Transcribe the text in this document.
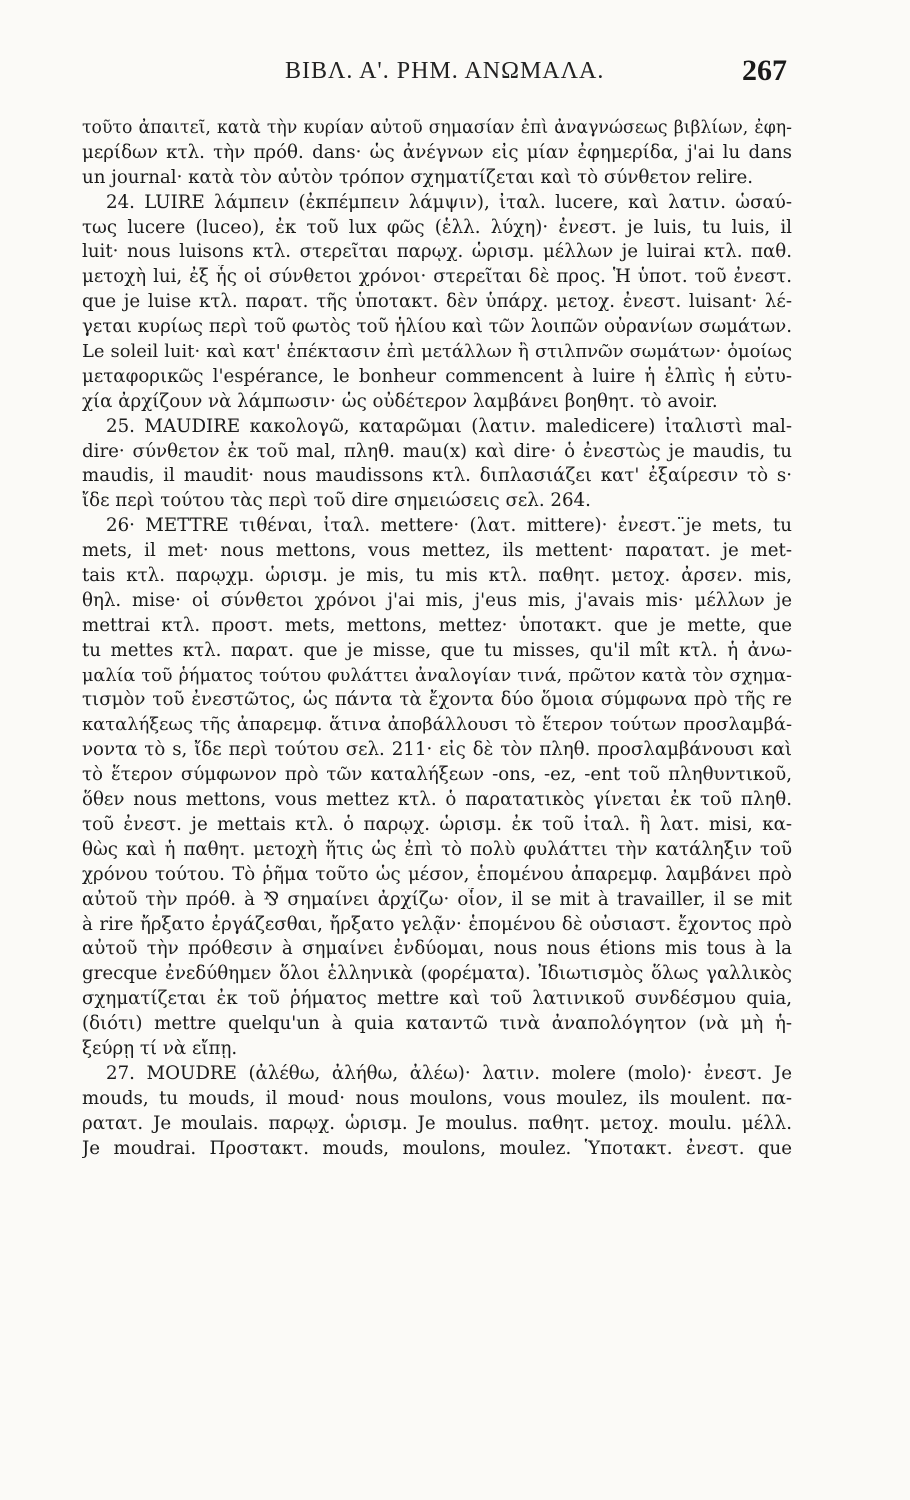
ΒΙΒΛ. Α'. ΡΗΜ. ΑΝΩΜΑΛΑ.	267
τοῦτο ἀπαιτεῖ, κατὰ τὴν κυρίαν αὐτοῦ σημασίαν ἐπὶ ἀναγνώσεως βιβλίων, ἐφη-
μερίδων κτλ. τὴν πρόθ. dans· ὡς ἀνέγνων εἰς μίαν ἐφημερίδα, j'ai lu dans
un journal· κατὰ τὸν αὐτὸν τρόπον σχηματίζεται καὶ τὸ σύνθετον relire.
24. LUIRE λάμπειν (ἐκπέμπειν λάμψιν), ἰταλ. lucere, καὶ λατιν. ὡσαύ-
τως lucere (luceo), ἐκ τοῦ lux φῶς (ἑλλ. λύχη)· ἐνεστ. je luis, tu luis, il
luit· nous luisons κτλ. στερεῖται παρῳχ. ὡρισμ. μέλλων je luirai κτλ. παθ.
μετοχὴ lui, ἐξ ἧς οἱ σύνθετοι χρόνοι· στερεῖται δὲ προς. Ἡ ὑποτ. τοῦ ἐνεστ.
que je luise κτλ. παρατ. τῆς ὑποτακτ. δὲν ὑπάρχ. μετοχ. ἐνεστ. luisant· λέ-
γεται κυρίως περὶ τοῦ φωτὸς τοῦ ἡλίου καὶ τῶν λοιπῶν οὐρανίων σωμάτων.
Le soleil luit· καὶ κατ' ἐπέκτασιν ἐπὶ μετάλλων ἢ στιλπνῶν σωμάτων· ὁμοίως
μεταφορικῶς l'espérance, le bonheur commencent à luire ἡ ἐλπὶς ἡ εὐτυ-
χία ἀρχίζουν νὰ λάμπωσιν· ὡς οὐδέτερον λαμβάνει βοηθητ. τὸ avoir.
25. MAUDIRE κακολογῶ, καταρῶμαι (λατιν. maledicere) ἰταλιστὶ mal-
dire· σύνθετον ἐκ τοῦ mal, πληθ. mau(x) καὶ dire· ὁ ἐνεστὼς je maudis, tu
maudis, il maudit· nous maudissons κτλ. διπλασιάζει κατ' ἐξαίρεσιν τὸ s·
ἴδε περὶ τούτου τὰς περὶ τοῦ dire σημειώσεις σελ. 264.
26· METTRE τιθέναι, ἰταλ. mettere· (λατ. mittere)· ἐνεστ.¨je mets, tu
mets, il met· nous mettons, vous mettez, ils mettent· παρατατ. je met-
tais κτλ. παρῳχμ. ὡρισμ. je mis, tu mis κτλ. παθητ. μετοχ. ἀρσεν. mis,
θηλ. mise· οἱ σύνθετοι χρόνοι j'ai mis, j'eus mis, j'avais mis· μέλλων je
mettrai κτλ. προστ. mets, mettons, mettez· ὑποτακτ. que je mette, que
tu mettes κτλ. παρατ. que je misse, que tu misses, qu'il mît κτλ. ἡ ἀνω-
μαλία τοῦ ῥήματος τούτου φυλάττει ἀναλογίαν τινά, πρῶτον κατὰ τὸν σχημα-
τισμὸν τοῦ ἐνεστῶτος, ὡς πάντα τὰ ἔχοντα δύο ὅμοια σύμφωνα πρὸ τῆς re
καταλήξεως τῆς ἀπαρεμφ. ἅτινα ἀποβάλλουσι τὸ ἕτερον τούτων προσλαμβά-
νοντα τὸ s, ἴδε περὶ τούτου σελ. 211· εἰς δὲ τὸν πληθ. προσλαμβάνουσι καὶ
τὸ ἕτερον σύμφωνον πρὸ τῶν καταλήξεων -ons, -ez, -ent τοῦ πληθυντικοῦ,
ὅθεν nous mettons, vous mettez κτλ. ὁ παρατατικὸς γίνεται ἐκ τοῦ πληθ.
τοῦ ἐνεστ. je mettais κτλ. ὁ παρῳχ. ὡρισμ. ἐκ τοῦ ἰταλ. ἢ λατ. misi, κα-
θὼς καὶ ἡ παθητ. μετοχὴ ἥτις ὡς ἐπὶ τὸ πολὺ φυλάττει τὴν κατάληξιν τοῦ
χρόνου τούτου. Τὸ ῥῆμα τοῦτο ὡς μέσον, ἑπομένου ἀπαρεμφ. λαμβάνει πρὸ
αὐτοῦ τὴν πρόθ. à ⅋ σημαίνει ἀρχίζω· οἷον, il se mit à travailler, il se mit
à rire ἤρξατο ἐργάζεσθαι, ἤρξατο γελᾷν· ἑπομένου δὲ οὐσιαστ. ἔχοντος πρὸ
αὐτοῦ τὴν πρόθεσιν à σημαίνει ἐνδύομαι, nous nous étions mis tous à la
grecque ἐνεδύθημεν ὅλοι ἑλληνικὰ (φορέματα). Ἰδιωτισμὸς ὅλως γαλλικὸς
σχηματίζεται ἐκ τοῦ ῥήματος mettre καὶ τοῦ λατινικοῦ συνδέσμου quia,
(διότι) mettre quelqu'un à quia καταντῶ τινὰ ἀναπολόγητον (νὰ μὴ ἡ-
ξεύρῃ τί νὰ εἴπῃ.
27. MOUDRE (ἀλέθω, ἀλήθω, ἀλέω)· λατιν. molere (molo)· ἐνεστ. Je
mouds, tu mouds, il moud· nous moulons, vous moulez, ils moulent. πα-
ρατατ. Je moulais. παρῳχ. ὡρισμ. Je moulus. παθητ. μετοχ. moulu. μέλλ.
Je moudrai. Προστακτ. mouds, moulons, moulez. Ὑποτακτ. ἐνεστ. que
